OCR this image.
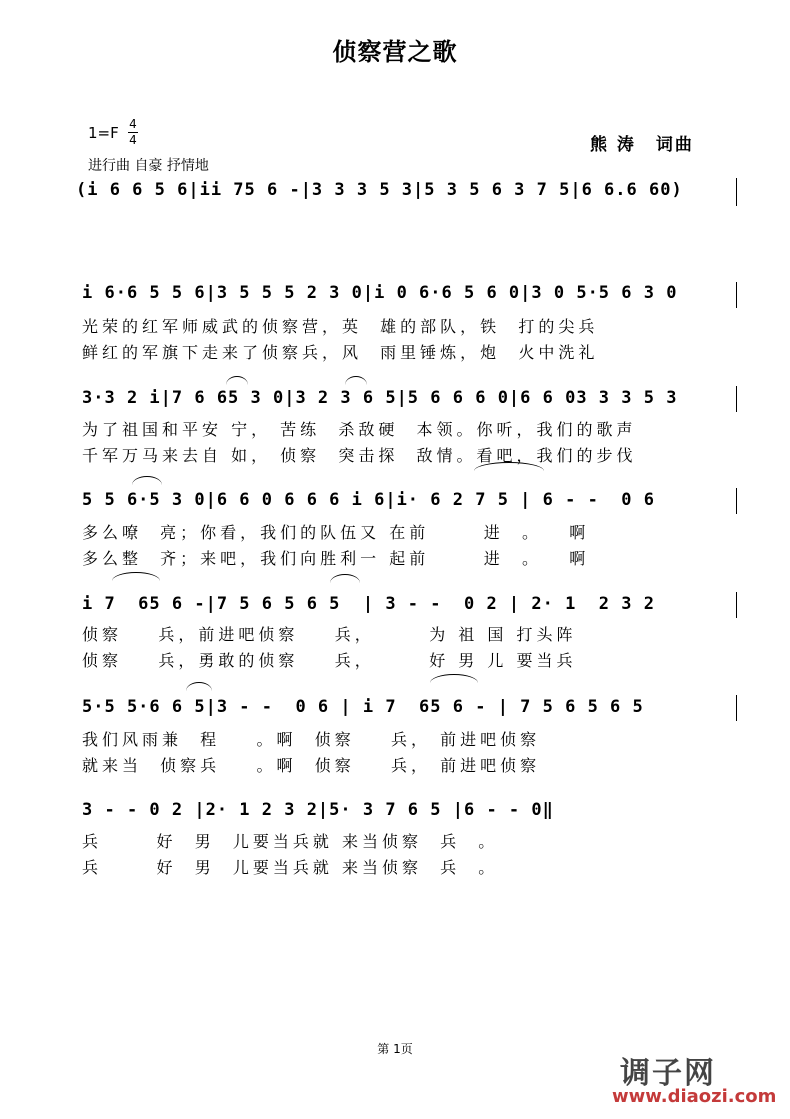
侦察营之歌
1=F 4
4
进行曲 自豪 抒情地
熊 涛 词曲
(i 6 6 5 6|ii 75 6 -|3 3 3 5 3|5 3 5 6 3 7 5|6 6.6 60)
i 6·6 5 5 6|3 5 5 5 2 3 0|i 0 6·6 5 6 0|3 0 5·5 6 3 0
光荣的红军师威武的侦察营，英  雄的部队，铁  打的尖兵
鲜红的军旗下走来了侦察兵，风  雨里锤炼，炮  火中洗礼
3·3 2 i|7 6 65 3 0|3 2 3 6 5|5 6 6 6 0|6 6 03 3 3 5 3
为了祖国和平安 宁， 苦练  杀敌硬  本领。你听，我们的歌声
千军万马来去自 如， 侦察  突击探  敌情。看吧，我们的步伐
5 5 6·5 3 0|6 6 0 6 6 6 i 6|i· 6 2 7 5 | 6 - -  0 6
多么嘹  亮；你看，我们的队伍又 在前      进  。   啊
多么整  齐；来吧，我们向胜利一 起前      进  。   啊
i 7  65 6 -|7 5 6 5 6 5  | 3 - -  0 2 | 2· 1  2 3 2
侦察    兵，前进吧侦察    兵，      为 祖 国 打头阵
侦察    兵，勇敢的侦察    兵，      好 男 儿 要当兵
5·5 5·6 6 5|3 - -  0 6 | i 7  65 6 - | 7 5 6 5 6 5
我们风雨兼  程    。啊  侦察    兵， 前进吧侦察
就来当  侦察兵    。啊  侦察    兵， 前进吧侦察
3 - - 0 2 |2· 1 2 3 2|5· 3 7 6 5 |6 - - 0‖
兵      好  男  儿要当兵就 来当侦察  兵  。
兵      好  男  儿要当兵就 来当侦察  兵  。
第 1页
调子网
www.diaozi.com
